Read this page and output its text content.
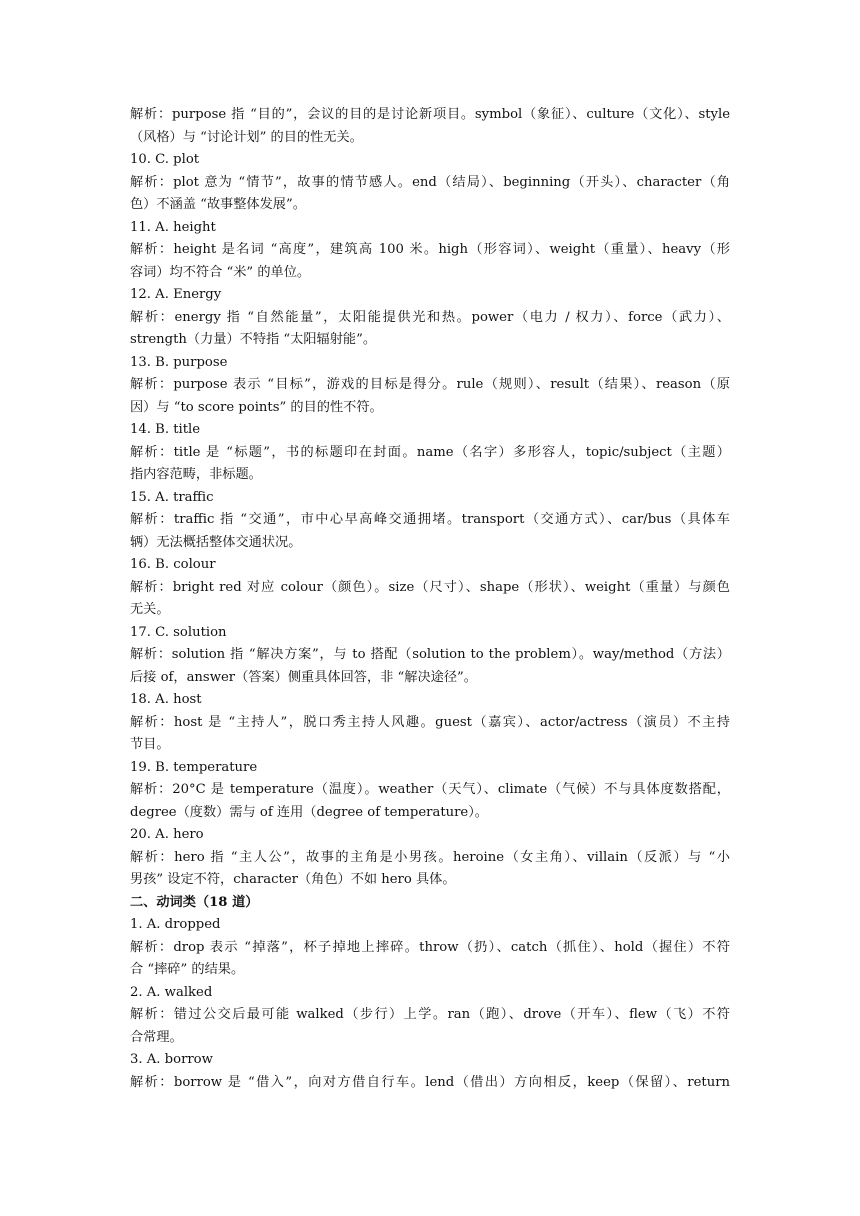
解析：purpose 指 “目的”，会议的目的是讨论新项目。symbol（象征）、culture（文化）、style
（风格）与 “讨论计划” 的目的性无关。
10. C. plot
解析：plot 意为 “情节”，故事的情节感人。end（结局）、beginning（开头）、character（角
色）不涵盖 “故事整体发展”。
11. A. height
解析：height 是名词 “高度”，建筑高 100 米。high（形容词）、weight（重量）、heavy（形
容词）均不符合 “米” 的单位。
12. A. Energy
解析：energy 指 “自然能量”，太阳能提供光和热。power（电力 / 权力）、force（武力）、
strength（力量）不特指 “太阳辐射能”。
13. B. purpose
解析：purpose 表示 “目标”，游戏的目标是得分。rule（规则）、result（结果）、reason（原
因）与 “to score points” 的目的性不符。
14. B. title
解析：title 是 “标题”，书的标题印在封面。name（名字）多形容人，topic/subject（主题）
指内容范畴，非标题。
15. A. traffic
解析：traffic 指 “交通”，市中心早高峰交通拥堵。transport（交通方式）、car/bus（具体车
辆）无法概括整体交通状况。
16. B. colour
解析：bright red 对应 colour（颜色）。size（尺寸）、shape（形状）、weight（重量）与颜色
无关。
17. C. solution
解析：solution 指 “解决方案”，与 to 搭配（solution to the problem）。way/method（方法）
后接 of，answer（答案）侧重具体回答，非 “解决途径”。
18. A. host
解析：host 是 “主持人”，脱口秀主持人风趣。guest（嘉宾）、actor/actress（演员）不主持
节目。
19. B. temperature
解析：20°C 是 temperature（温度）。weather（天气）、climate（气候）不与具体度数搭配，
degree（度数）需与 of 连用（degree of temperature）。
20. A. hero
解析：hero 指 “主人公”，故事的主角是小男孩。heroine（女主角）、villain（反派）与 “小
男孩” 设定不符，character（角色）不如 hero 具体。
二、动词类（18 道）
1. A. dropped
解析：drop 表示 “掉落”，杯子掉地上摔碎。throw（扔）、catch（抓住）、hold（握住）不符
合 “摔碎” 的结果。
2. A. walked
解析：错过公交后最可能 walked（步行）上学。ran（跑）、drove（开车）、flew（飞）不符
合常理。
3. A. borrow
解析：borrow 是 “借入”，向对方借自行车。lend（借出）方向相反，keep（保留）、return
